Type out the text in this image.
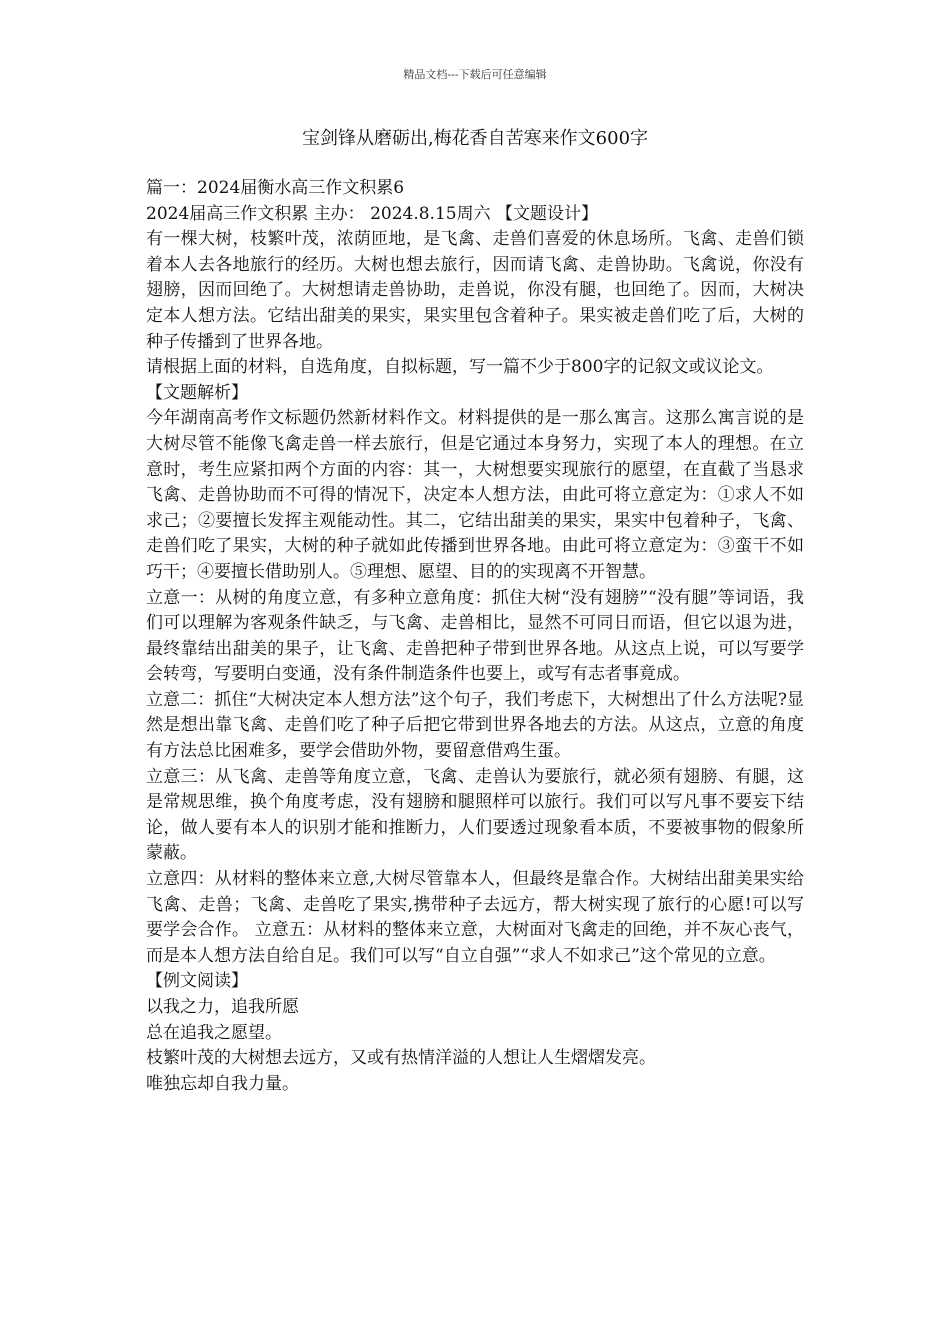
精品文档---下载后可任意编辑
宝剑锋从磨砺出,梅花香自苦寒来作文600字

篇一：2024届衡水高三作文积累6

2024届高三作文积累 主办： 2024.8.15周六 【文题设计】

有一棵大树，枝繁叶茂，浓荫匝地，是飞禽、走兽们喜爱的休息场所。飞禽、走兽们锁着本人去各地旅行的经历。大树也想去旅行，因而请飞禽、走兽协助。飞禽说，你没有翅膀，因而回绝了。大树想请走兽协助，走兽说，你没有腿，也回绝了。因而，大树决定本人想方法。它结出甜美的果实，果实里包含着种子。果实被走兽们吃了后，大树的种子传播到了世界各地。

请根据上面的材料，自选角度，自拟标题，写一篇不少于800字的记叙文或议论文。

【文题解析】

今年湖南高考作文标题仍然新材料作文。材料提供的是一那么寓言。这那么寓言说的是大树尽管不能像飞禽走兽一样去旅行，但是它通过本身努力，实现了本人的理想。在立意时，考生应紧扣两个方面的内容：其一，大树想要实现旅行的愿望，在直截了当恳求飞禽、走兽协助而不可得的情况下，决定本人想方法，由此可将立意定为：①求人不如求己；②要擅长发挥主观能动性。其二，它结出甜美的果实，果实中包着种子，飞禽、走兽们吃了果实，大树的种子就如此传播到世界各地。由此可将立意定为：③蛮干不如巧干；④要擅长借助别人。⑤理想、愿望、目的的实现离不开智慧。

立意一：从树的角度立意，有多种立意角度：抓住大树“没有翅膀”“没有腿”等词语，我们可以理解为客观条件缺乏，与飞禽、走兽相比，显然不可同日而语，但它以退为进，最终靠结出甜美的果子，让飞禽、走兽把种子带到世界各地。从这点上说，可以写要学会转弯，写要明白变通，没有条件制造条件也要上，或写有志者事竟成。

立意二：抓住“大树决定本人想方法”这个句子，我们考虑下，大树想出了什么方法呢?显然是想出靠飞禽、走兽们吃了种子后把它带到世界各地去的方法。从这点，立意的角度有方法总比困难多，要学会借助外物，要留意借鸡生蛋。

立意三：从飞禽、走兽等角度立意，飞禽、走兽认为要旅行，就必须有翅膀、有腿，这是常规思维，换个角度考虑，没有翅膀和腿照样可以旅行。我们可以写凡事不要妄下结论，做人要有本人的识别才能和推断力，人们要透过现象看本质，不要被事物的假象所蒙蔽。

立意四：从材料的整体来立意,大树尽管靠本人，但最终是靠合作。大树结出甜美果实给飞禽、走兽；飞禽、走兽吃了果实,携带种子去远方，帮大树实现了旅行的心愿!可以写要学会合作。 立意五：从材料的整体来立意，大树面对飞禽走的回绝，并不灰心丧气，而是本人想方法自给自足。我们可以写“自立自强”“求人不如求己”这个常见的立意。

【例文阅读】

以我之力，追我所愿

总在追我之愿望。

枝繁叶茂的大树想去远方，又或有热情洋溢的人想让人生熠熠发亮。

唯独忘却自我力量。
